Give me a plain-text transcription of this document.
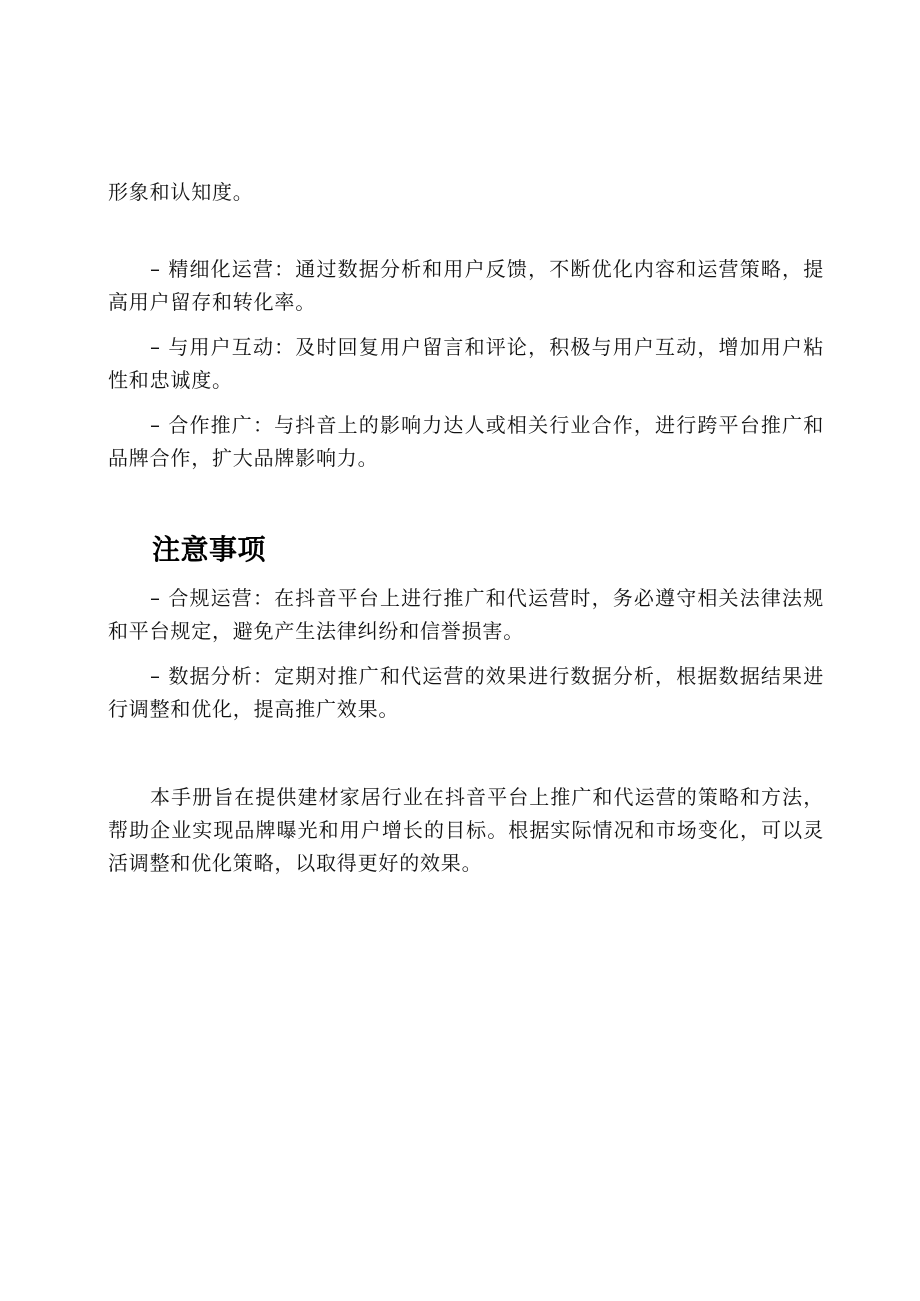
形象和认知度。

– 精细化运营：通过数据分析和用户反馈，不断优化内容和运营策略，提高用户留存和转化率。

– 与用户互动：及时回复用户留言和评论，积极与用户互动，增加用户粘性和忠诚度。

– 合作推广：与抖音上的影响力达人或相关行业合作，进行跨平台推广和品牌合作，扩大品牌影响力。

注意事项

– 合规运营：在抖音平台上进行推广和代运营时，务必遵守相关法律法规和平台规定，避免产生法律纠纷和信誉损害。

– 数据分析：定期对推广和代运营的效果进行数据分析，根据数据结果进行调整和优化，提高推广效果。

本手册旨在提供建材家居行业在抖音平台上推广和代运营的策略和方法，帮助企业实现品牌曝光和用户增长的目标。根据实际情况和市场变化，可以灵活调整和优化策略，以取得更好的效果。
